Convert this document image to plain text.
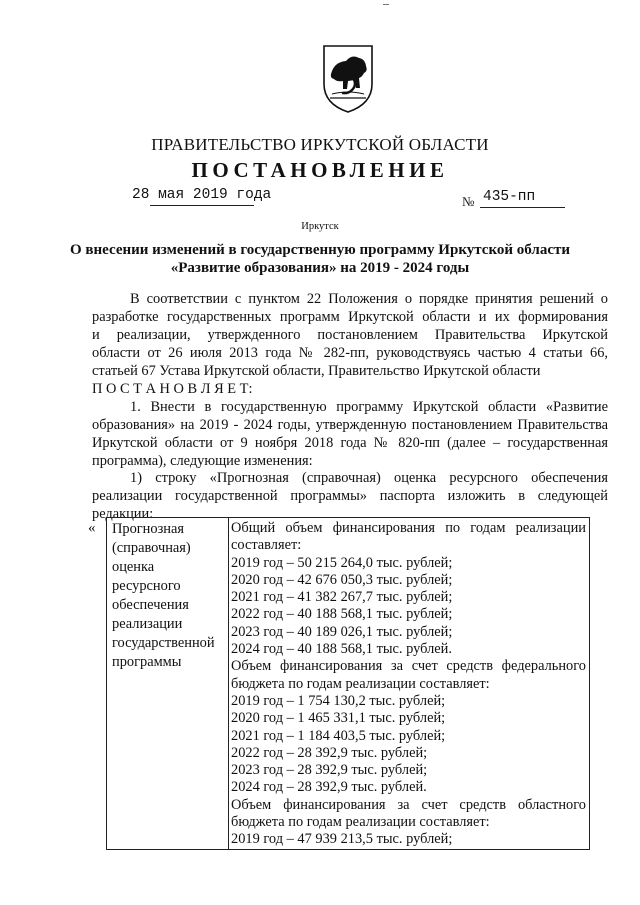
ПРАВИТЕЛЬСТВО ИРКУТСКОЙ ОБЛАСТИ
ПОСТАНОВЛЕНИЕ
28 мая 2019 года	№ 435-пп
Иркутск
О внесении изменений в государственную программу Иркутской области
«Развитие образования» на 2019 - 2024 годы
В соответствии с пунктом 22 Положения о порядке принятия решений о
разработке государственных программ Иркутской области и их формирования
и реализации, утвержденного постановлением Правительства Иркутской
области от 26 июля 2013 года № 282-пп, руководствуясь частью 4 статьи 66,
статьей 67 Устава Иркутской области, Правительство Иркутской области
П О С Т А Н О В Л Я Е Т:
1. Внести в государственную программу Иркутской области «Развитие
образования» на 2019 - 2024 годы, утвержденную постановлением Правительства
Иркутской области от 9 ноября 2018 года № 820-пп (далее – государственная
программа), следующие изменения:
1) строку «Прогнозная (справочная) оценка ресурсного обеспечения
реализации государственной программы» паспорта изложить в следующей
редакции:
« Прогнозная
(справочная)
оценка
ресурсного
обеспечения
реализации
государственной
программы
Общий объем финансирования по годам реализации
составляет:
2019 год – 50 215 264,0 тыс. рублей;
2020 год – 42 676 050,3 тыс. рублей;
2021 год – 41 382 267,7 тыс. рублей;
2022 год – 40 188 568,1 тыс. рублей;
2023 год – 40 189 026,1 тыс. рублей;
2024 год – 40 188 568,1 тыс. рублей.
Объем финансирования за счет средств федерального
бюджета по годам реализации составляет:
2019 год – 1 754 130,2 тыс. рублей;
2020 год – 1 465 331,1 тыс. рублей;
2021 год – 1 184 403,5 тыс. рублей;
2022 год – 28 392,9 тыс. рублей;
2023 год – 28 392,9 тыс. рублей;
2024 год – 28 392,9 тыс. рублей.
Объем финансирования за счет средств областного
бюджета по годам реализации составляет:
2019 год – 47 939 213,5 тыс. рублей;
